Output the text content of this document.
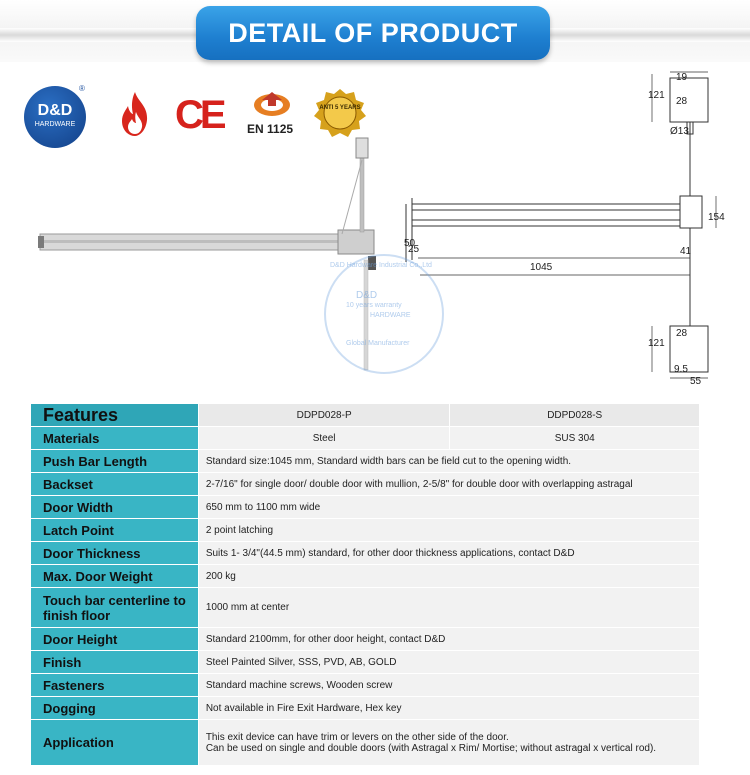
DETAIL OF PRODUCT
D&D
HARDWARE
®
CE EN 1125
ANTI 5 YEARS
19
121
28
Ø13
154
50
25	41
1045
28
121
9.5
55
D&D
10 years warranty
HARDWARE
D&D Hardware Industrial Co.,Ltd
Global Manufacturer
Features	DDPD028-P	DDPD028-S
Materials	Steel	SUS 304
Push Bar Length	Standard size:1045 mm, Standard width bars can be field cut to the opening width.	
Backset	2-7/16" for single door/ double door with mullion, 2-5/8" for double door with overlapping astragal	
Door Width	650 mm to 1100 mm wide	
Latch Point	2 point latching	
Door Thickness	Suits 1- 3/4"(44.5 mm) standard, for other door thickness applications, contact D&D	
Max. Door Weight	200 kg	
Touch bar centerline to finish floor	1000 mm at center	
Door Height	Standard 2100mm, for other door height, contact D&D	
Finish	Steel Painted Silver, SSS, PVD, AB, GOLD	
Fasteners	Standard machine screws, Wooden screw	
Dogging	Not available in Fire Exit Hardware, Hex key	
Application	This exit device can have trim or levers on the other side of the door.
Can be used on single and double doors (with Astragal x Rim/ Mortise; without astragal x vertical rod).	
